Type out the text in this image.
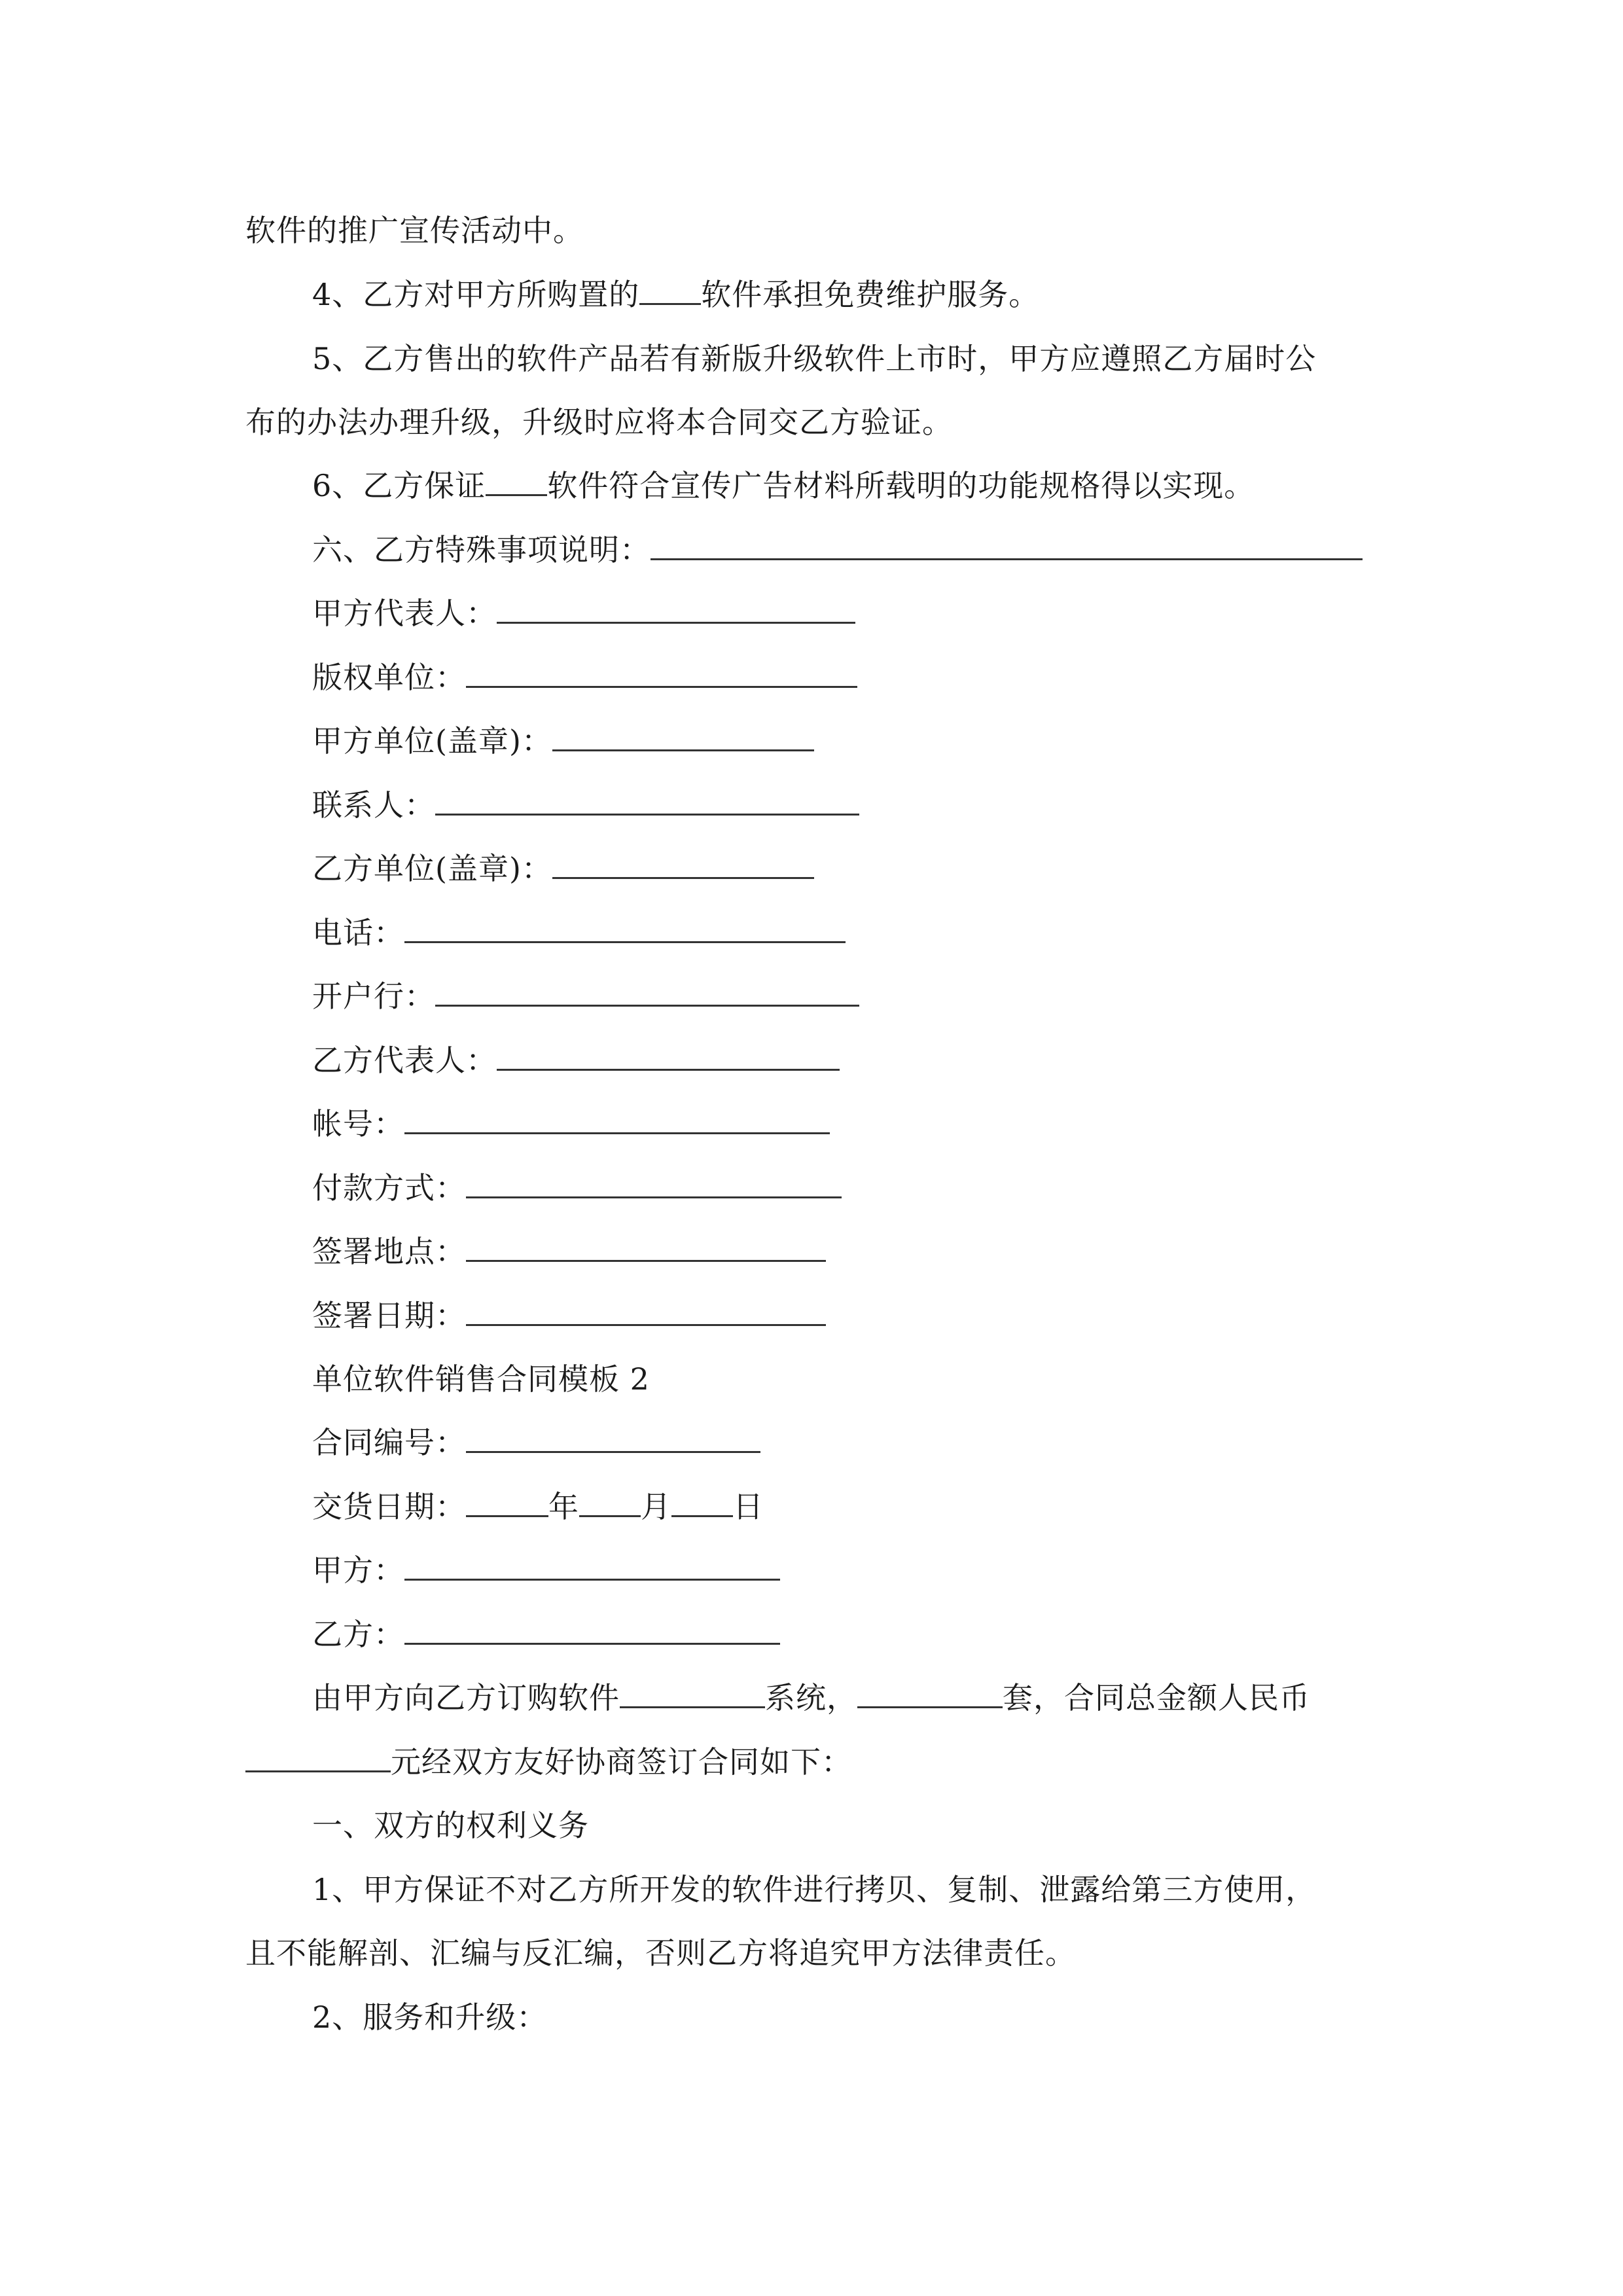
软件的推广宣传活动中。
4、乙方对甲方所购置的 软件承担免费维护服务。
5、乙方售出的软件产品若有新版升级软件上市时，甲方应遵照乙方届时公
布的办法办理升级，升级时应将本合同交乙方验证。
6、乙方保证 软件符合宣传广告材料所载明的功能规格得以实现。
六、乙方特殊事项说明：
甲方代表人：
版权单位：
甲方单位(盖章)：
联系人：
乙方单位(盖章)：
电话：
开户行：
乙方代表人：
帐号：
付款方式：
签署地点：
签署日期：
单位软件销售合同模板 2
合同编号：
交货日期：	年 月 日
甲方：
乙方：
由甲方向乙方订购软件	系统，	套，合同总金额人民币
元经双方友好协商签订合同如下：
一、双方的权利义务
1、甲方保证不对乙方所开发的软件进行拷贝、复制、泄露给第三方使用，
且不能解剖、汇编与反汇编，否则乙方将追究甲方法律责任。
2、服务和升级：
